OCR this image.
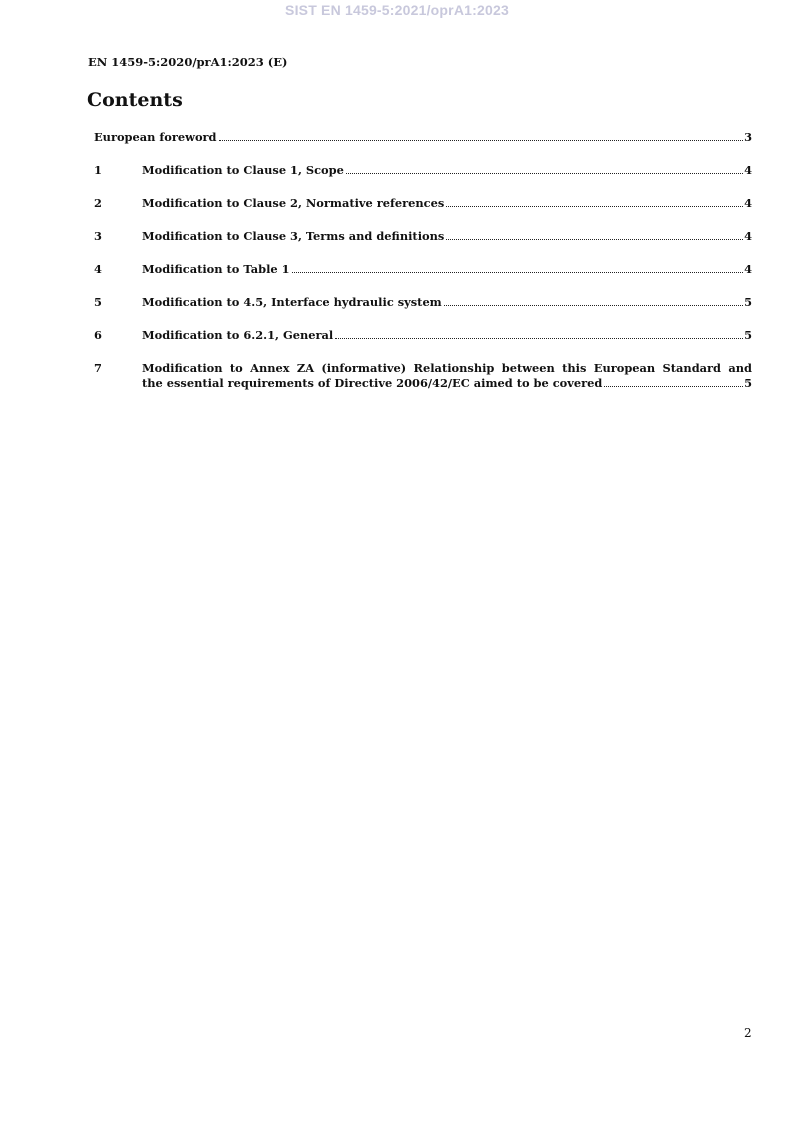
SIST EN 1459-5:2021/oprA1:2023
EN 1459-5:2020/prA1:2023 (E)
Contents
European foreword	3
1	Modification to Clause 1, Scope	4
2	Modification to Clause 2, Normative references	4
3	Modification to Clause 3, Terms and definitions	4
4	Modification to Table 1	4
5	Modification to 4.5, Interface hydraulic system	5
6	Modification to 6.2.1, General	5
7	Modification to Annex ZA (informative) Relationship between this European Standard and
the essential requirements of Directive 2006/42/EC aimed to be covered	5
2
